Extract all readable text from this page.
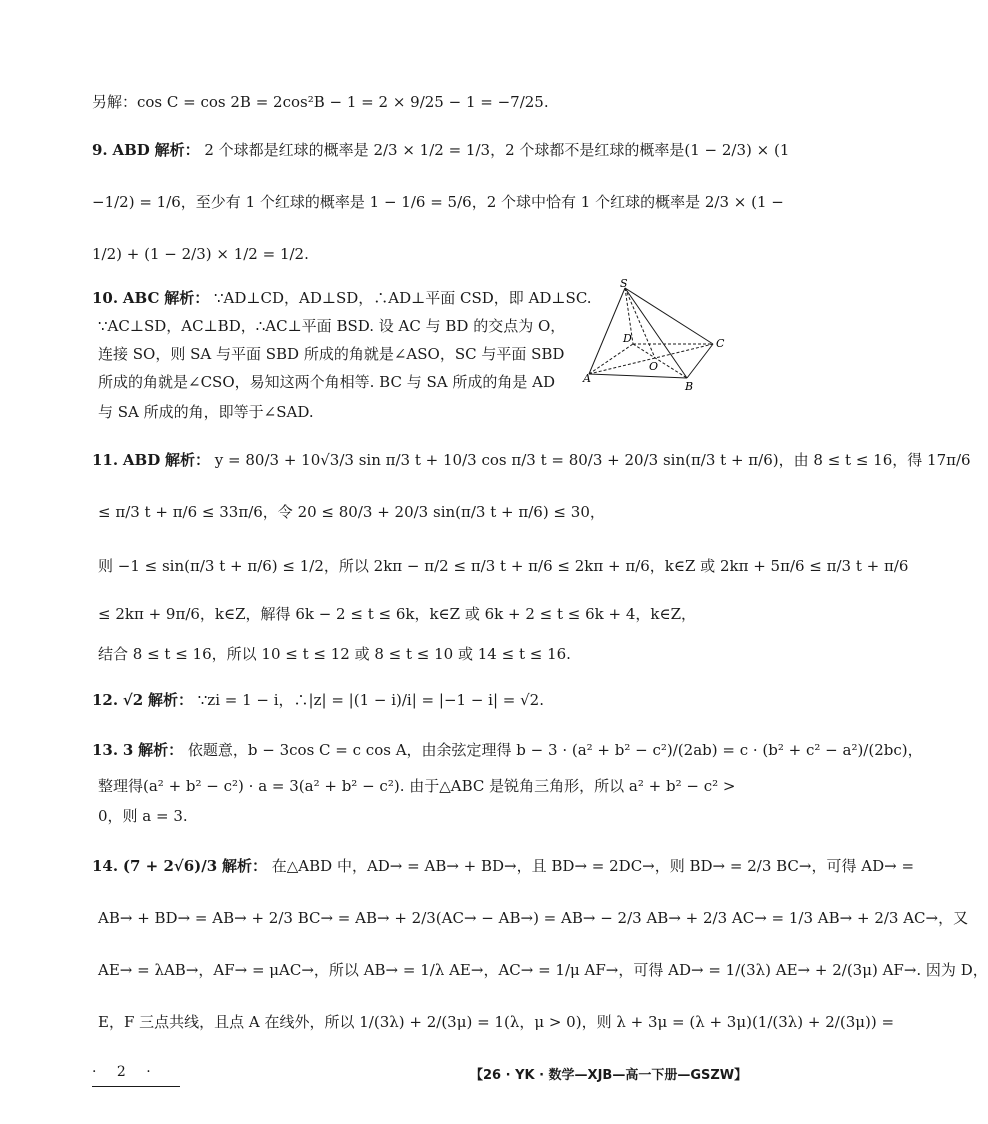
另解：cos C = cos 2B = 2cos²B − 1 = 2 × 9/25 − 1 = −7/25.
9. ABD 解析： 2 个球都是红球的概率是 2/3 × 1/2 = 1/3，2 个球都不是红球的概率是(1 − 2/3) × (1
−1/2) = 1/6，至少有 1 个红球的概率是 1 − 1/6 = 5/6，2 个球中恰有 1 个红球的概率是 2/3 × (1 −
1/2) + (1 − 2/3) × 1/2 = 1/2.
10. ABC 解析： ∵AD⊥CD，AD⊥SD，∴AD⊥平面 CSD，即 AD⊥SC.
∵AC⊥SD，AC⊥BD，∴AC⊥平面 BSD. 设 AC 与 BD 的交点为 O，
连接 SO，则 SA 与平面 SBD 所成的角就是∠ASO，SC 与平面 SBD
所成的角就是∠CSO，易知这两个角相等. BC 与 SA 所成的角是 AD
与 SA 所成的角，即等于∠SAD.
S
D	C
O
A
B
11. ABD 解析： y = 80/3 + 10√3/3 sin π/3 t + 10/3 cos π/3 t = 80/3 + 20/3 sin(π/3 t + π/6)，由 8 ≤ t ≤ 16，得 17π/6
≤ π/3 t + π/6 ≤ 33π/6，令 20 ≤ 80/3 + 20/3 sin(π/3 t + π/6) ≤ 30，
则 −1 ≤ sin(π/3 t + π/6) ≤ 1/2，所以 2kπ − π/2 ≤ π/3 t + π/6 ≤ 2kπ + π/6，k∈Z 或 2kπ + 5π/6 ≤ π/3 t + π/6
≤ 2kπ + 9π/6，k∈Z，解得 6k − 2 ≤ t ≤ 6k，k∈Z 或 6k + 2 ≤ t ≤ 6k + 4，k∈Z，
结合 8 ≤ t ≤ 16，所以 10 ≤ t ≤ 12 或 8 ≤ t ≤ 10 或 14 ≤ t ≤ 16.
12. √2 解析： ∵zi = 1 − i，∴|z| = |(1 − i)/i| = |−1 − i| = √2.
13. 3 解析： 依题意，b − 3cos C = c cos A，由余弦定理得 b − 3 · (a² + b² − c²)/(2ab) = c · (b² + c² − a²)/(2bc)，
整理得(a² + b² − c²) · a = 3(a² + b² − c²). 由于△ABC 是锐角三角形，所以 a² + b² − c² >
0，则 a = 3.
14. (7 + 2√6)/3 解析： 在△ABD 中，AD→ = AB→ + BD→，且 BD→ = 2DC→，则 BD→ = 2/3 BC→，可得 AD→ =
AB→ + BD→ = AB→ + 2/3 BC→ = AB→ + 2/3(AC→ − AB→) = AB→ − 2/3 AB→ + 2/3 AC→ = 1/3 AB→ + 2/3 AC→，又
AE→ = λAB→，AF→ = μAC→，所以 AB→ = 1/λ AE→，AC→ = 1/μ AF→，可得 AD→ = 1/(3λ) AE→ + 2/(3μ) AF→. 因为 D，
E，F 三点共线，且点 A 在线外，所以 1/(3λ) + 2/(3μ) = 1(λ，μ > 0)，则 λ + 3μ = (λ + 3μ)(1/(3λ) + 2/(3μ)) =
· 2 ·	【26 · YK · 数学—XJB—高一下册—GSZW】
